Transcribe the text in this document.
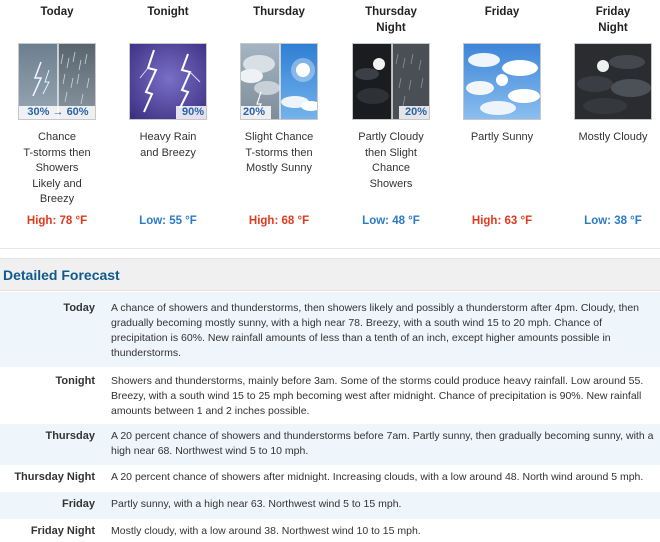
Today
30% → 60%
Chance
T-storms then
Showers
Likely and
Breezy
High: 78 °F
Tonight
90%
Heavy Rain
and Breezy
Low: 55 °F
Thursday
20%
Slight Chance
T-storms then
Mostly Sunny
High: 68 °F
Thursday
Night
20%
Partly Cloudy
then Slight
Chance
Showers
Low: 48 °F
Friday
Partly Sunny
High: 63 °F
Friday
Night
Mostly Cloudy
Low: 38 °F
Detailed Forecast
Today A chance of showers and thunderstorms, then showers likely and possibly a thunderstorm after 4pm. Cloudy, then gradually becoming mostly sunny, with a high near 78. Breezy, with a south wind 15 to 20 mph. Chance of precipitation is 60%. New rainfall amounts of less than a tenth of an inch, except higher amounts possible in thunderstorms.
Tonight Showers and thunderstorms, mainly before 3am. Some of the storms could produce heavy rainfall. Low around 55. Breezy, with a south wind 15 to 25 mph becoming west after midnight. Chance of precipitation is 90%. New rainfall amounts between 1 and 2 inches possible.
Thursday A 20 percent chance of showers and thunderstorms before 7am. Partly sunny, then gradually becoming sunny, with a high near 68. Northwest wind 5 to 10 mph.
Thursday Night A 20 percent chance of showers after midnight. Increasing clouds, with a low around 48. North wind around 5 mph.
Friday Partly sunny, with a high near 63. Northwest wind 5 to 15 mph.
Friday Night Mostly cloudy, with a low around 38. Northwest wind 10 to 15 mph.
